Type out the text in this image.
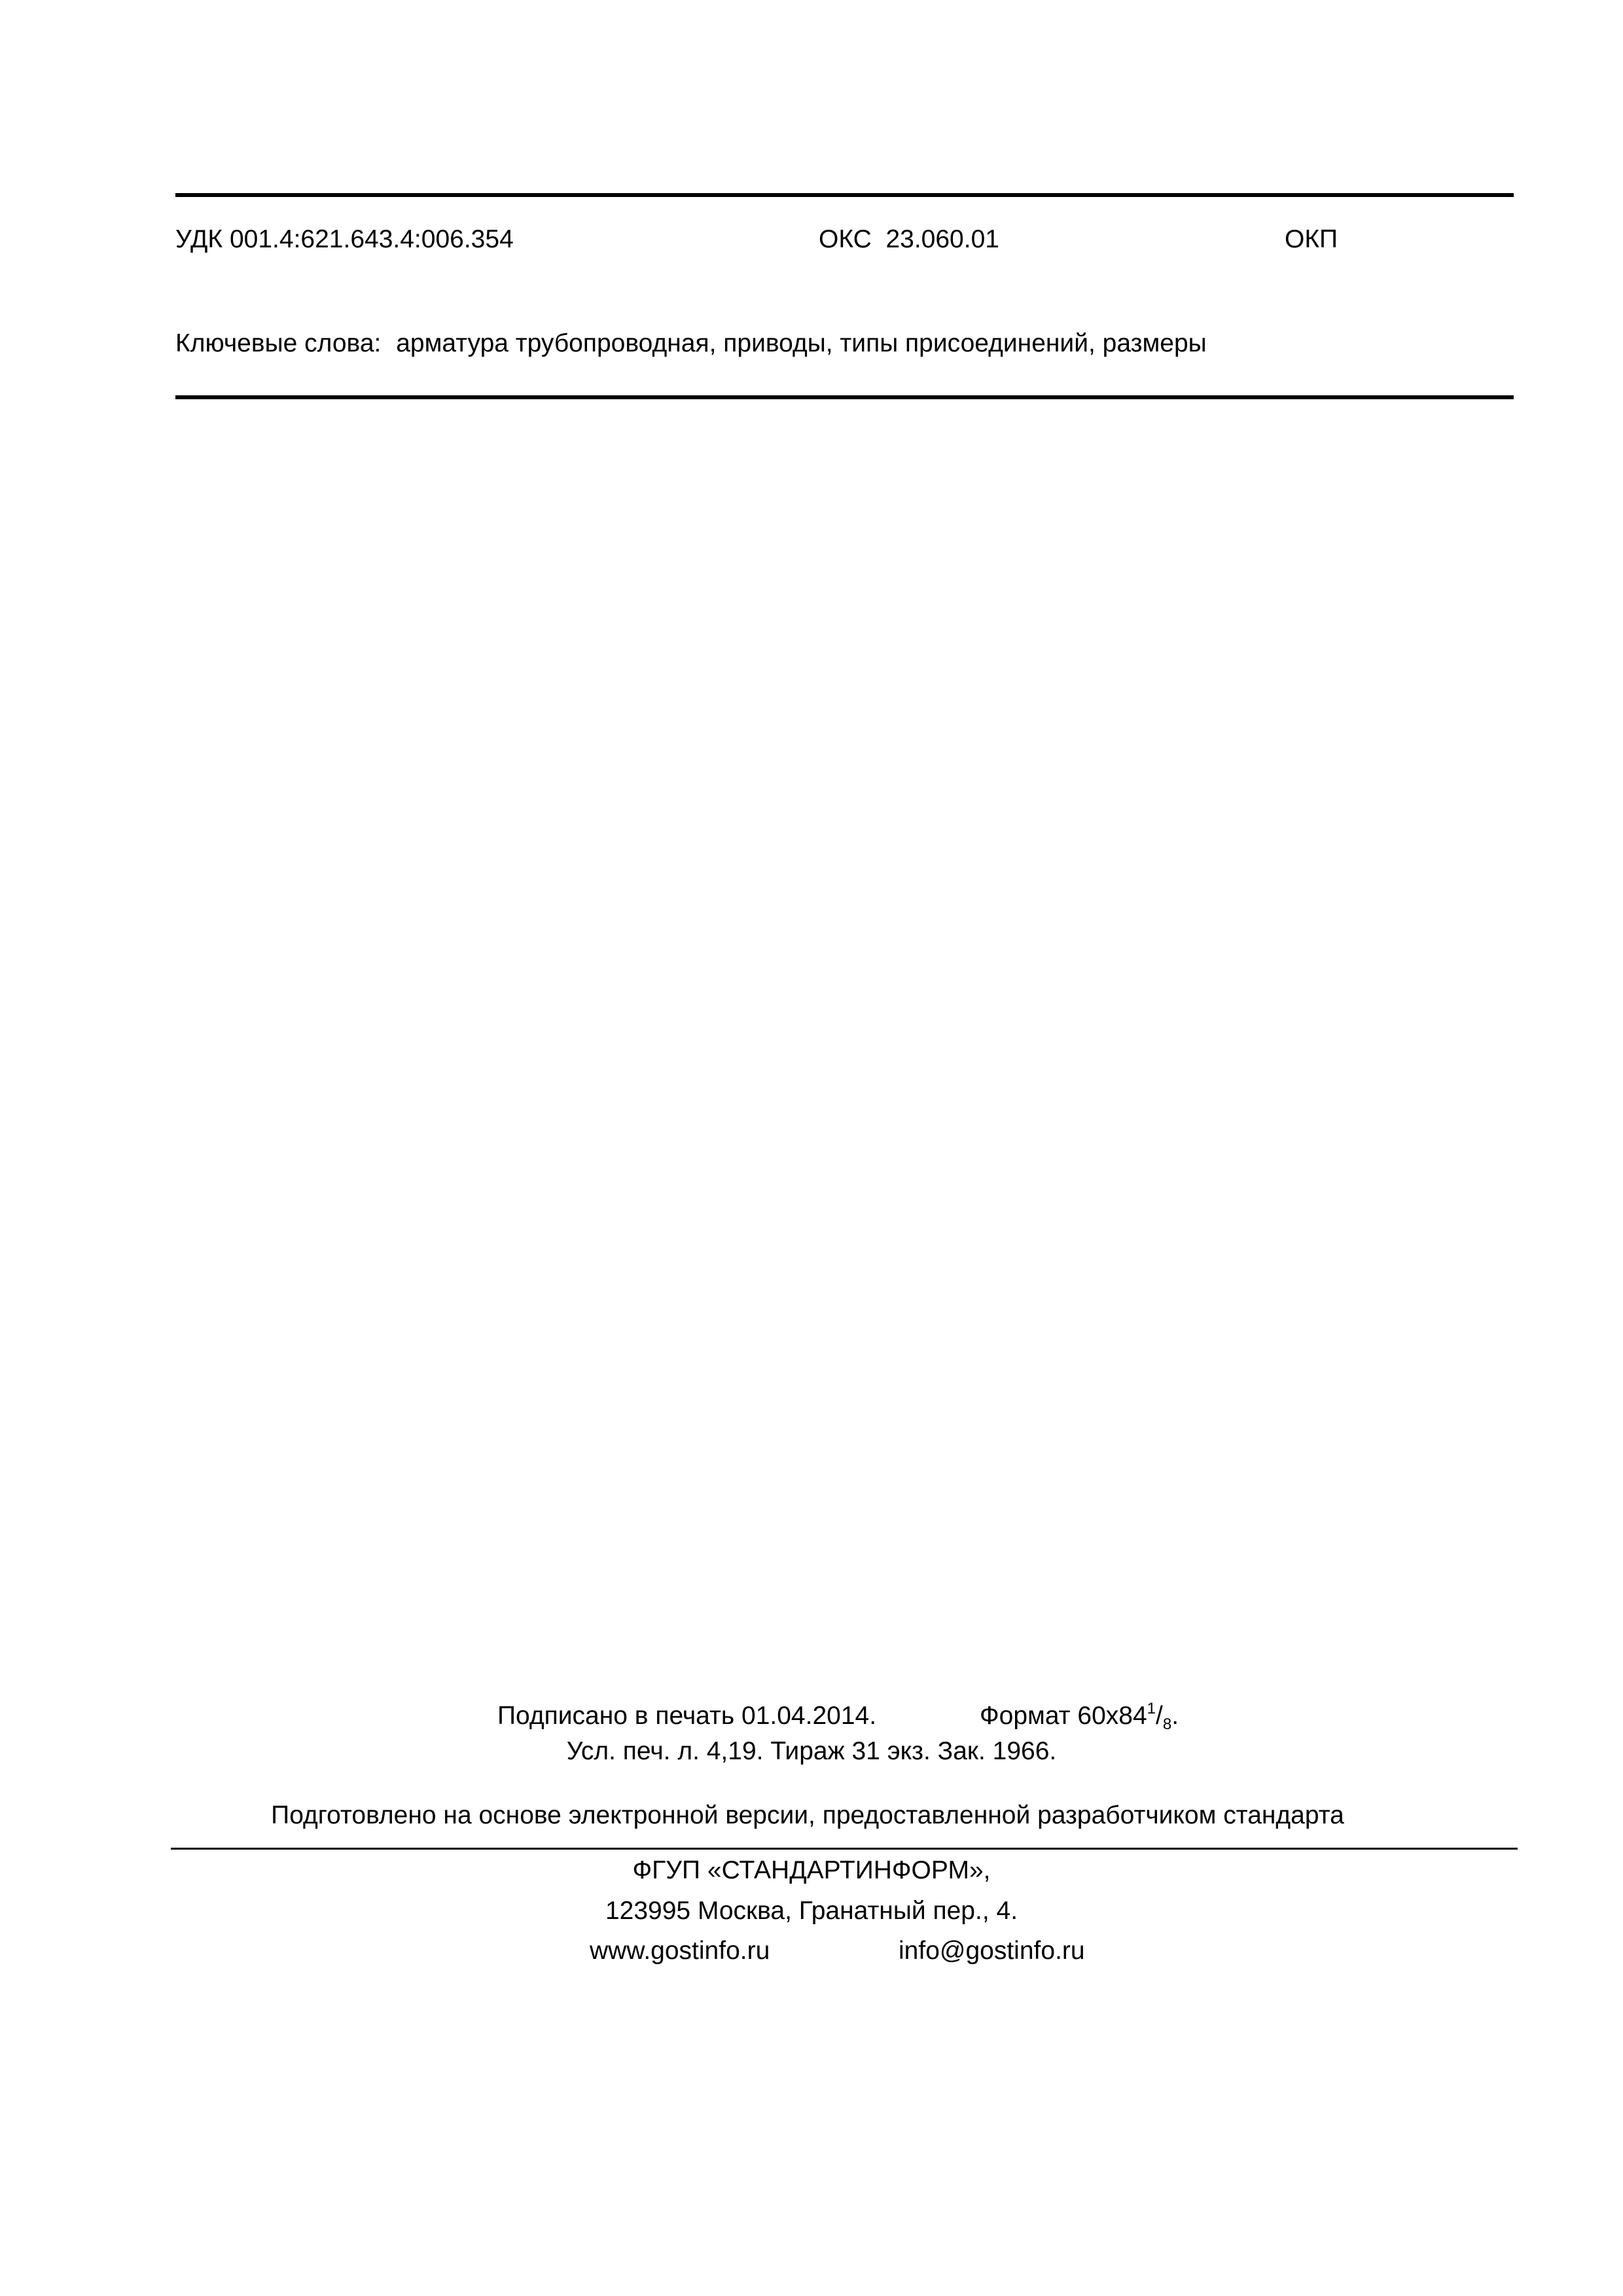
УДК 001.4:621.643.4:006.354	ОКС  23.060.01	ОКП
Ключевые слова: арматура трубопроводная, приводы, типы присоединений, размеры
Подписано в печать 01.04.2014.	Формат $60х84^1/_8$.
Усл. печ. л. 4,19. Тираж 31 экз. Зак. 1966.
Подготовлено на основе электронной версии, предоставленной разработчиком стандарта
ФГУП «СТАНДАРТИНФОРМ»,
123995 Москва, Гранатный пер., 4.
www.gostinfo.ru	info@gostinfo.ru
